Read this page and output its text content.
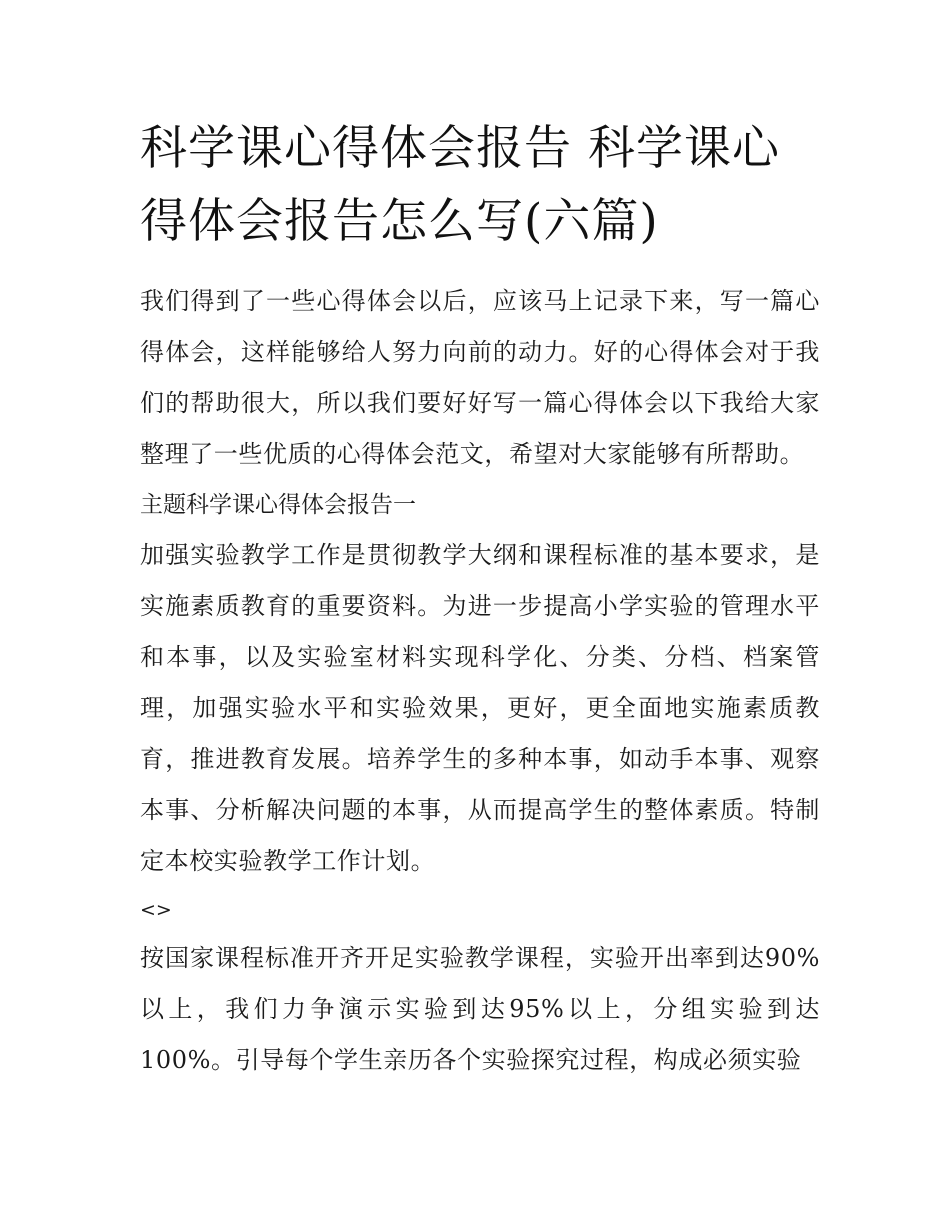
科学课心得体会报告 科学课心得体会报告怎么写(六篇)

我们得到了一些心得体会以后，应该马上记录下来，写一篇心得体会，这样能够给人努力向前的动力。好的心得体会对于我们的帮助很大，所以我们要好好写一篇心得体会以下我给大家整理了一些优质的心得体会范文，希望对大家能够有所帮助。

主题科学课心得体会报告一

加强实验教学工作是贯彻教学大纲和课程标准的基本要求，是实施素质教育的重要资料。为进一步提高小学实验的管理水平和本事，以及实验室材料实现科学化、分类、分档、档案管理，加强实验水平和实验效果，更好，更全面地实施素质教育，推进教育发展。培养学生的多种本事，如动手本事、观察本事、分析解决问题的本事，从而提高学生的整体素质。特制定本校实验教学工作计划。

<>

按国家课程标准开齐开足实验教学课程，实验开出率到达90%以上，我们力争演示实验到达95%以上，分组实验到达100%。引导每个学生亲历各个实验探究过程，构成必须实验
